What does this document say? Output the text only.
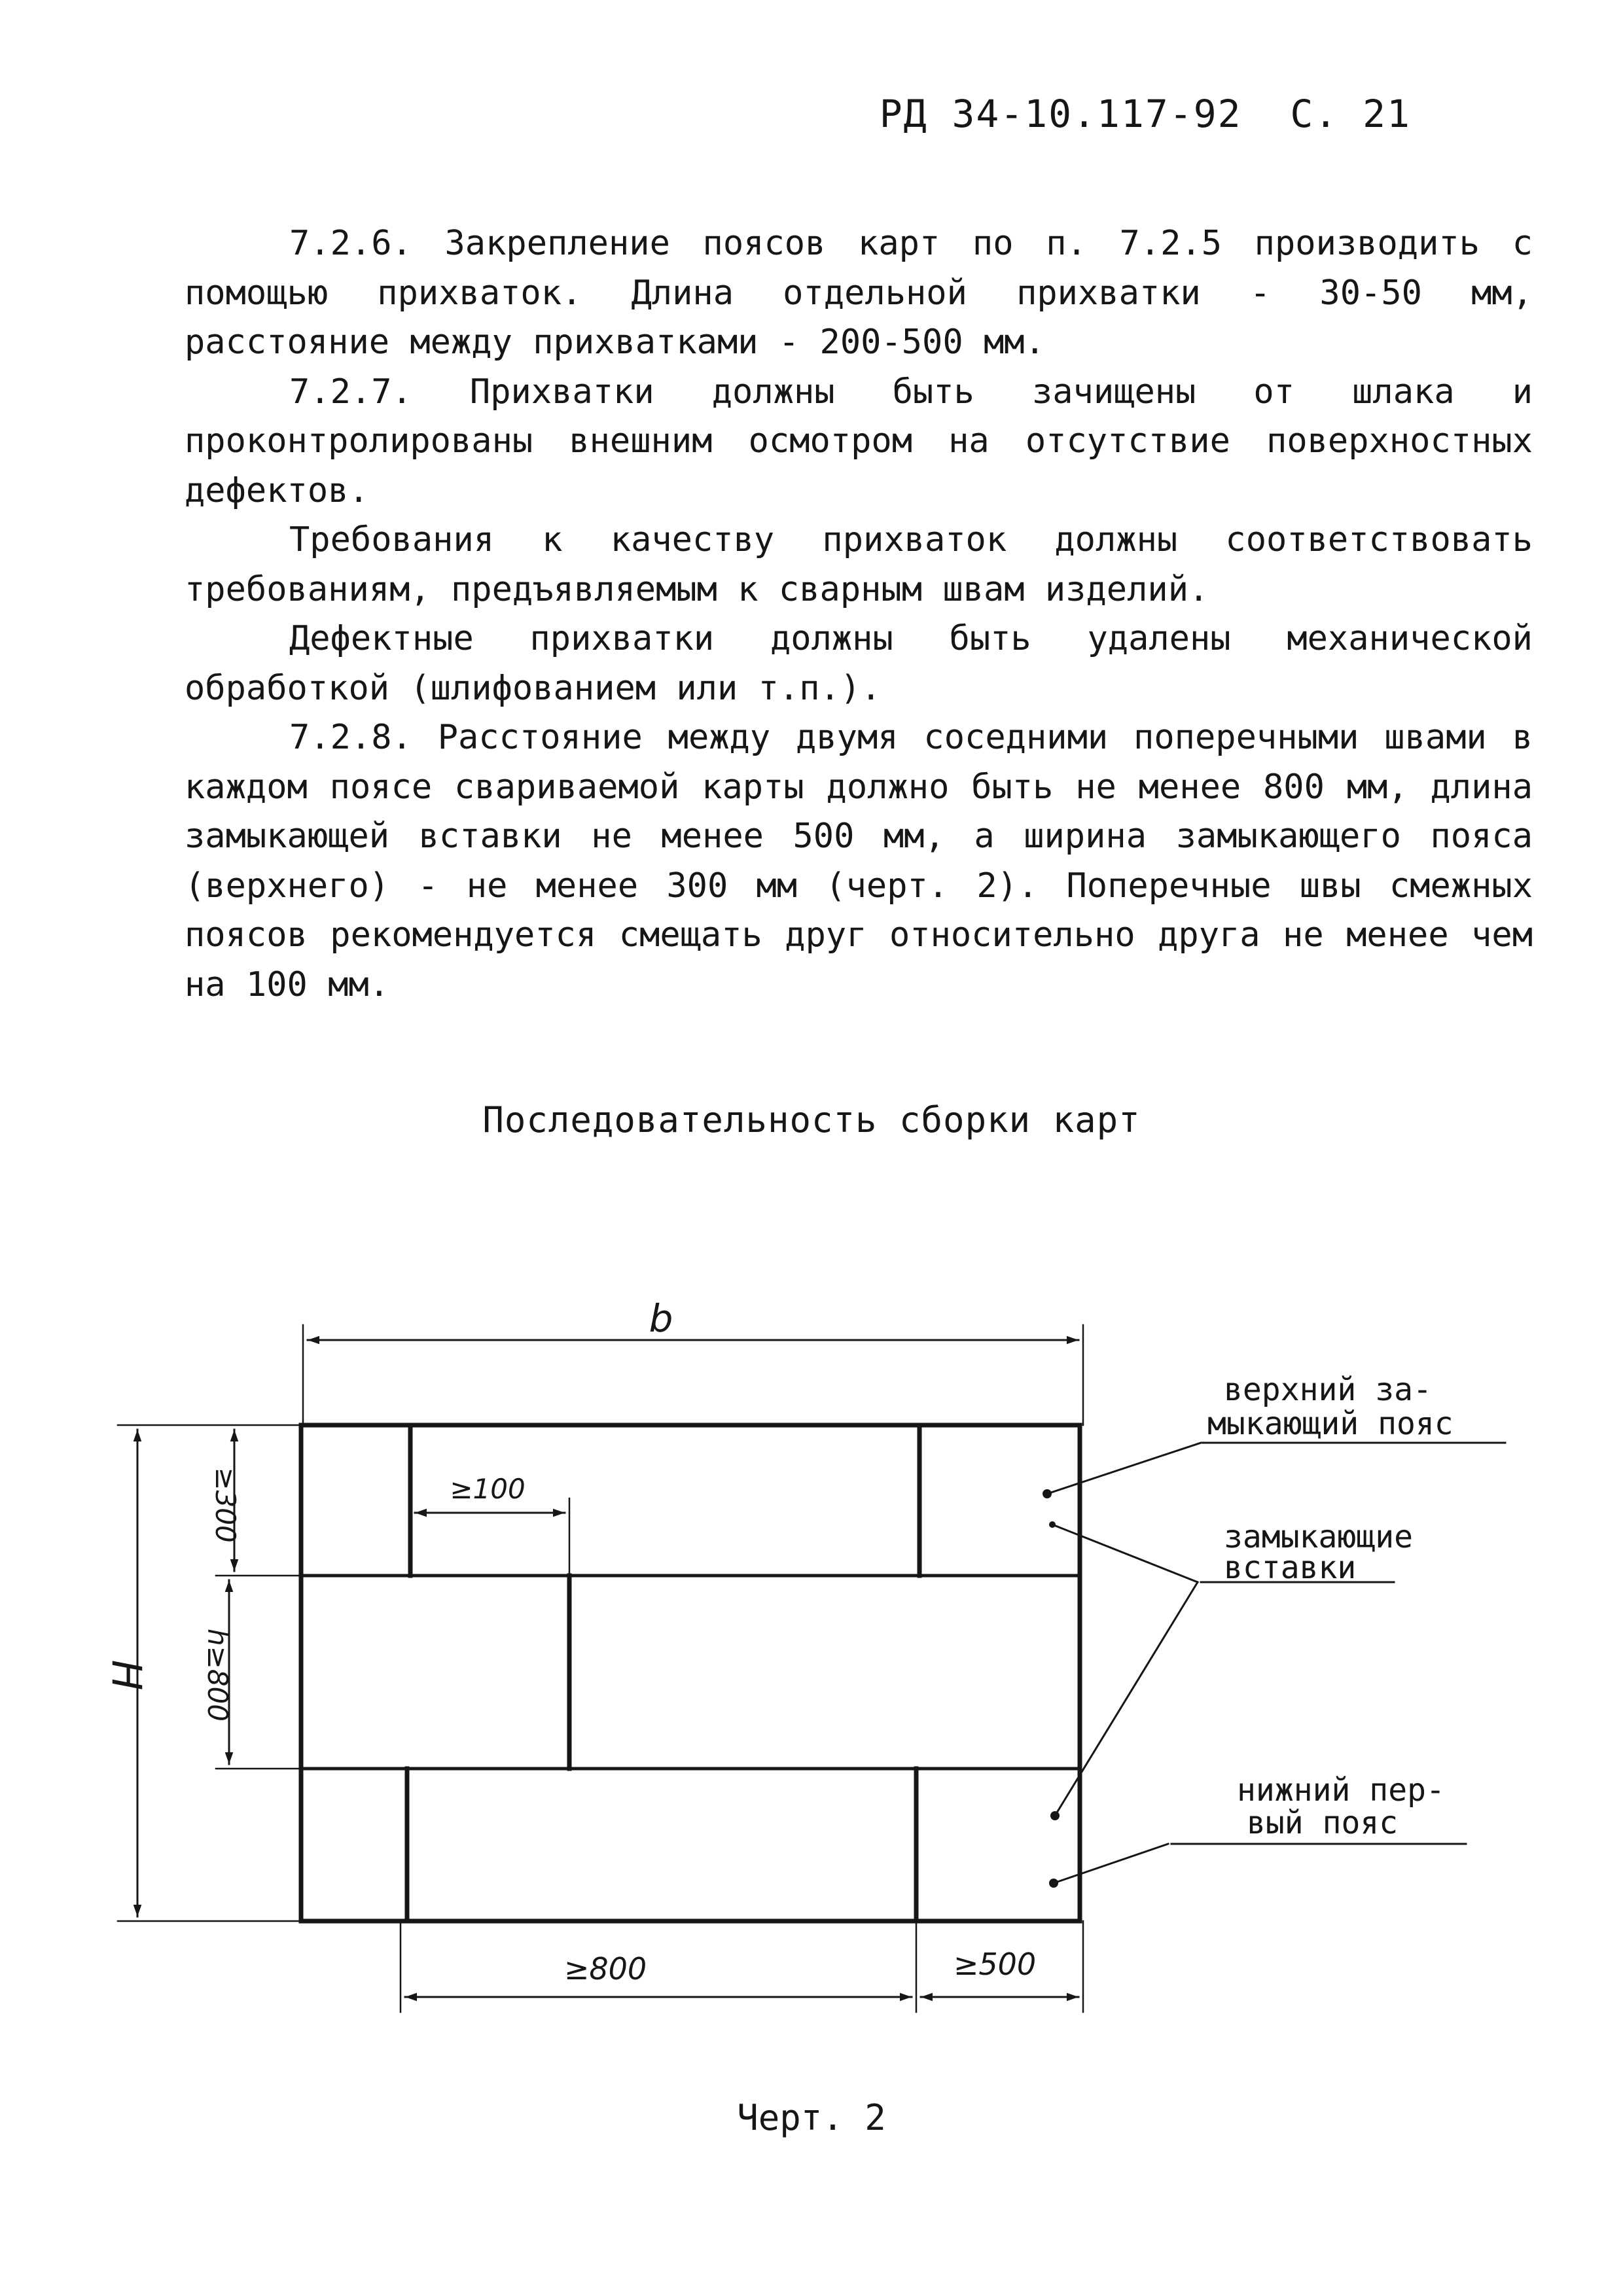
РД 34-10.117-92 С. 21

7.2.6. Закрепление поясов карт по п. 7.2.5 производить с помощью прихваток. Длина отдельной прихватки - 30-50 мм, расстояние между прихватками - 200-500 мм.

7.2.7. Прихватки должны быть зачищены от шлака и проконтролированы внешним осмотром на отсутствие поверхностных дефектов.

Требования к качеству прихваток должны соответствовать требованиям, предъявляемым к сварным швам изделий.

Дефектные прихватки должны быть удалены механической обработкой (шлифованием или т.п.).

7.2.8. Расстояние между двумя соседними поперечными швами в каждом поясе свариваемой карты должно быть не менее 800 мм, длина замыкающей вставки не менее 500 мм, а ширина замыкающего пояса (верхнего) - не менее 300 мм (черт. 2). Поперечные швы смежных поясов рекомендуется смещать друг относительно друга не менее чем на 100 мм.

Последовательность сборки карт
b
≥100
≥800	≥500
≥300
h≥800
H
верхний за-
мыкающий пояс
замыкающие
вставки
нижний пер-
вый пояс
Черт. 2
